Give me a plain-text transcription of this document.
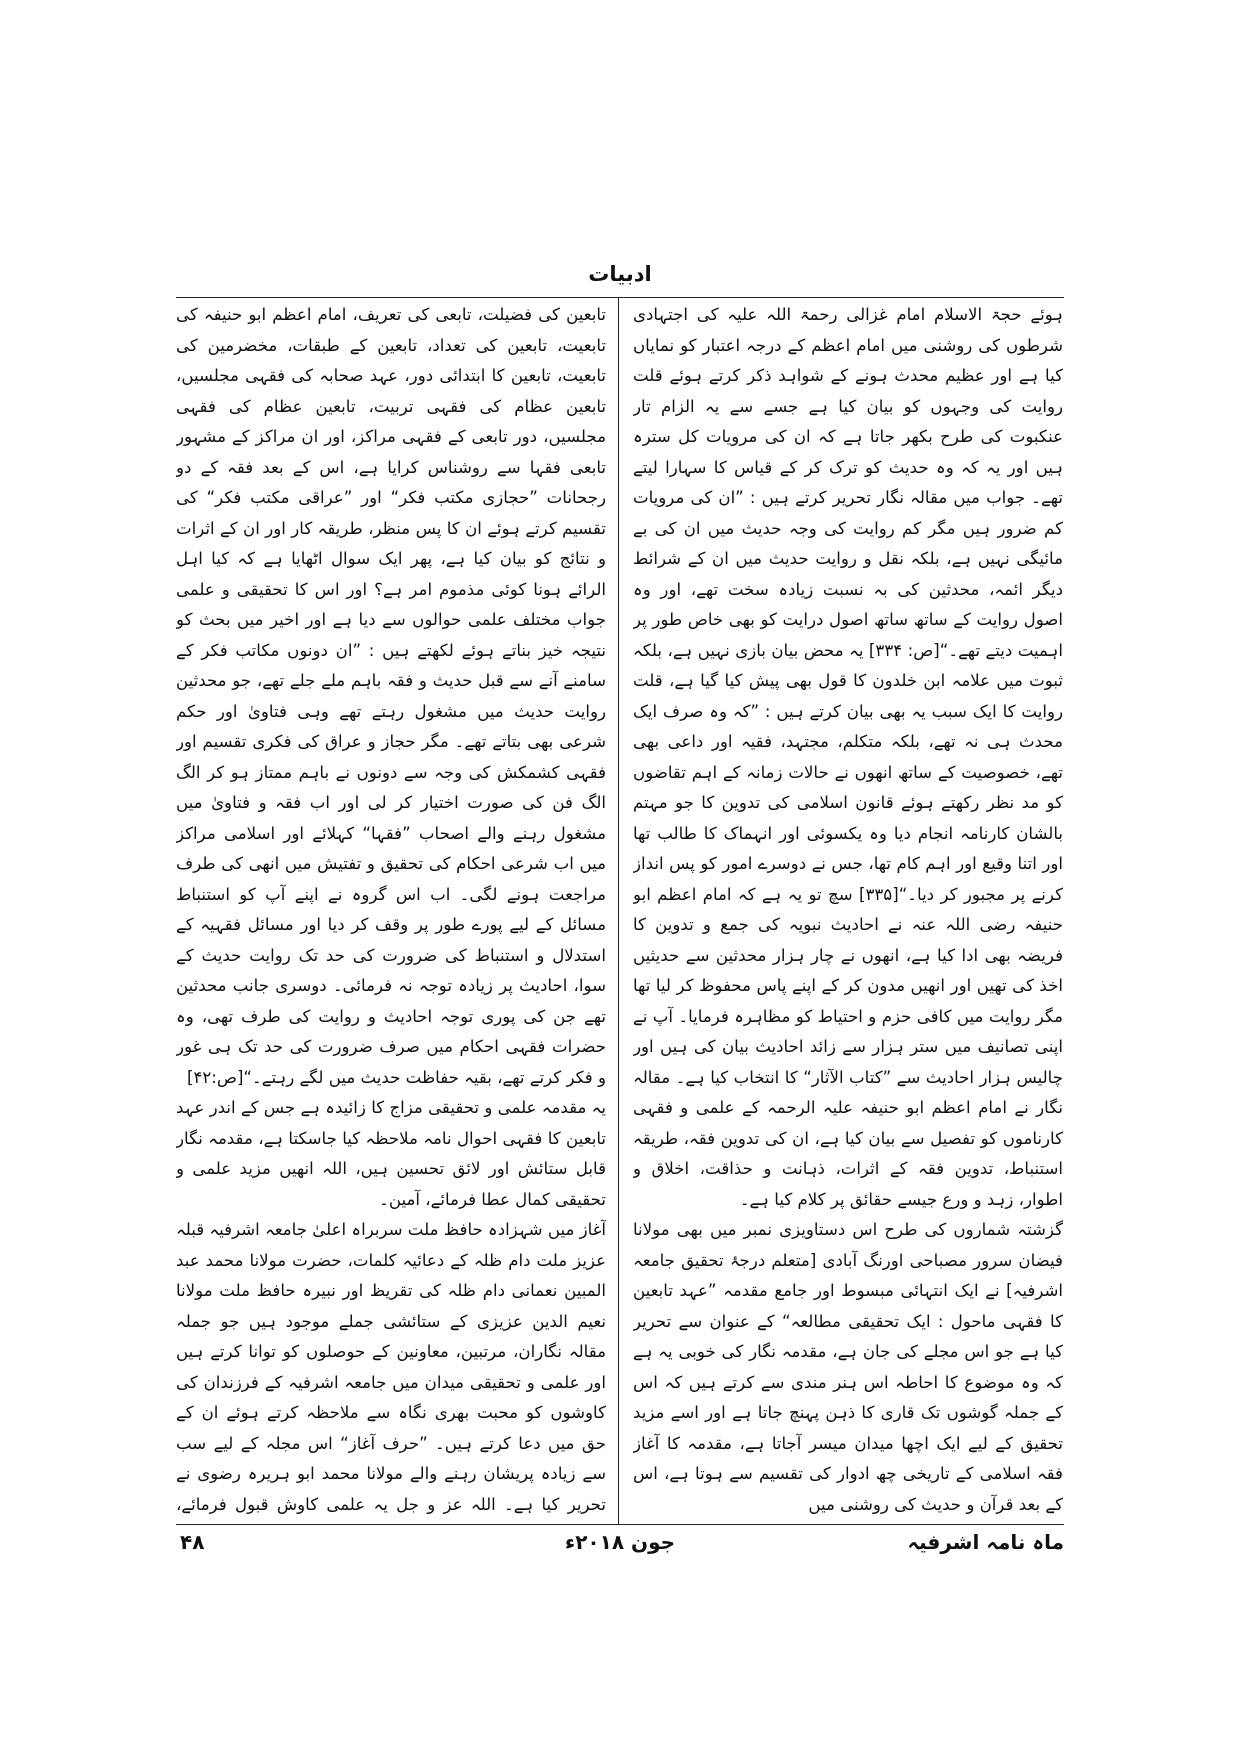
ادبیات

ہوئے حجۃ الاسلام امام غزالی رحمۃ اللہ علیہ کی اجتہادی شرطوں کی روشنی میں امام اعظم کے درجہ اعتبار کو نمایاں کیا ہے اور عظیم محدث ہونے کے شواہد ذکر کرتے ہوئے قلت روایت کی وجہوں کو بیان کیا ہے جسے سے یہ الزام تار عنکبوت کی طرح بکھر جاتا ہے کہ ان کی مرویات کل سترہ ہیں اور یہ کہ وہ حدیث کو ترک کر کے قیاس کا سہارا لیتے تھے۔ جواب میں مقالہ نگار تحریر کرتے ہیں : ”ان کی مرویات کم ضرور ہیں مگر کم روایت کی وجہ حدیث میں ان کی بے مائیگی نہیں ہے، بلکہ نقل و روایت حدیث میں ان کے شرائط دیگر ائمہ، محدثین کی بہ نسبت زیادہ سخت تھے، اور وہ اصول روایت کے ساتھ ساتھ اصول درایت کو بھی خاص طور پر اہمیت دیتے تھے۔“[ص: ۳۳۴] یہ محض بیان بازی نہیں ہے، بلکہ ثبوت میں علامہ ابن خلدون کا قول بھی پیش کیا گیا ہے، قلت روایت کا ایک سبب یہ بھی بیان کرتے ہیں : ”کہ وہ صرف ایک محدث ہی نہ تھے، بلکہ متکلم، مجتہد، فقیہ اور داعی بھی تھے، خصوصیت کے ساتھ انھوں نے حالات زمانہ کے اہم تقاضوں کو مد نظر رکھتے ہوئے قانون اسلامی کی تدوین کا جو مہتم بالشان کارنامہ انجام دیا وہ یکسوئی اور انہماک کا طالب تھا اور اتنا وقیع اور اہم کام تھا، جس نے دوسرے امور کو پس انداز کرنے پر مجبور کر دیا۔“[۳۳۵] سچ تو یہ ہے کہ امام اعظم ابو حنیفہ رضی اللہ عنہ نے احادیث نبویہ کی جمع و تدوین کا فریضہ بھی ادا کیا ہے، انھوں نے چار ہزار محدثین سے حدیثیں اخذ کی تھیں اور انھیں مدون کر کے اپنے پاس محفوظ کر لیا تھا مگر روایت میں کافی حزم و احتیاط کو مظاہرہ فرمایا۔ آپ نے اپنی تصانیف میں ستر ہزار سے زائد احادیث بیان کی ہیں اور چالیس ہزار احادیث سے ”کتاب الآثار“ کا انتخاب کیا ہے۔ مقالہ نگار نے امام اعظم ابو حنیفہ علیہ الرحمہ کے علمی و فقہی کارناموں کو تفصیل سے بیان کیا ہے، ان کی تدوین فقہ، طریقہ استنباط، تدوین فقہ کے اثرات، ذہانت و حذاقت، اخلاق و اطوار، زہد و ورع جیسے حقائق پر کلام کیا ہے۔

گزشتہ شماروں کی طرح اس دستاویزی نمبر میں بھی مولانا فیضان سرور مصباحی اورنگ آبادی [متعلم درجۂ تحقیق جامعہ اشرفیہ] نے ایک انتہائی مبسوط اور جامع مقدمہ ”عہد تابعین کا فقہی ماحول : ایک تحقیقی مطالعہ“ کے عنوان سے تحریر کیا ہے جو اس مجلے کی جان ہے، مقدمہ نگار کی خوبی یہ ہے کہ وہ موضوع کا احاطہ اس ہنر مندی سے کرتے ہیں کہ اس کے جملہ گوشوں تک قاری کا ذہن پہنچ جاتا ہے اور اسے مزید تحقیق کے لیے ایک اچھا میدان میسر آجاتا ہے، مقدمہ کا آغاز فقہ اسلامی کے تاریخی چھ ادوار کی تقسیم سے ہوتا ہے، اس کے بعد قرآن و حدیث کی روشنی میں

تابعین کی فضیلت، تابعی کی تعریف، امام اعظم ابو حنیفہ کی تابعیت، تابعین کی تعداد، تابعین کے طبقات، مخضرمین کی تابعیت، تابعین کا ابتدائی دور، عہد صحابہ کی فقہی مجلسیں، تابعین عظام کی فقہی تربیت، تابعین عظام کی فقہی مجلسیں، دور تابعی کے فقہی مراکز، اور ان مراکز کے مشہور تابعی فقہا سے روشناس کرایا ہے، اس کے بعد فقہ کے دو رجحانات ”حجازی مکتب فکر“ اور ”عراقی مکتب فکر“ کی تقسیم کرتے ہوئے ان کا پس منظر، طریقہ کار اور ان کے اثرات و نتائج کو بیان کیا ہے، پھر ایک سوال اٹھایا ہے کہ کیا اہل الرائے ہونا کوئی مذموم امر ہے؟ اور اس کا تحقیقی و علمی جواب مختلف علمی حوالوں سے دیا ہے اور اخیر میں بحث کو نتیجہ خیز بناتے ہوئے لکھتے ہیں : ”ان دونوں مکاتب فکر کے سامنے آنے سے قبل حدیث و فقہ باہم ملے جلے تھے، جو محدثین روایت حدیث میں مشغول رہتے تھے وہی فتاویٰ اور حکم شرعی بھی بتاتے تھے۔ مگر حجاز و عراق کی فکری تقسیم اور فقہی کشمکش کی وجہ سے دونوں نے باہم ممتاز ہو کر الگ الگ فن کی صورت اختیار کر لی اور اب فقہ و فتاویٰ میں مشغول رہنے والے اصحاب ”فقہا“ کہلائے اور اسلامی مراکز میں اب شرعی احکام کی تحقیق و تفتیش میں انھی کی طرف مراجعت ہونے لگی۔ اب اس گروہ نے اپنے آپ کو استنباط مسائل کے لیے پورے طور پر وقف کر دیا اور مسائل فقہیہ کے استدلال و استنباط کی ضرورت کی حد تک روایت حدیث کے سوا، احادیث پر زیادہ توجہ نہ فرمائی۔ دوسری جانب محدثین تھے جن کی پوری توجہ احادیث و روایت کی طرف تھی، وہ حضرات فقہی احکام میں صرف ضرورت کی حد تک ہی غور و فکر کرتے تھے، بقیہ حفاظت حدیث میں لگے رہتے۔“[ص:۴۲]

یہ مقدمہ علمی و تحقیقی مزاج کا زائیدہ ہے جس کے اندر عہد تابعین کا فقہی احوال نامہ ملاحظہ کیا جاسکتا ہے، مقدمہ نگار قابل ستائش اور لائق تحسین ہیں، اللہ انھیں مزید علمی و تحقیقی کمال عطا فرمائے، آمین۔

آغاز میں شہزادہ حافظ ملت سربراہ اعلیٰ جامعہ اشرفیہ قبلہ عزیز ملت دام ظلہ کے دعائیہ کلمات، حضرت مولانا محمد عبد المبین نعمانی دام ظلہ کی تقریظ اور نبیرہ حافظ ملت مولانا نعیم الدین عزیزی کے ستائشی جملے موجود ہیں جو جملہ مقالہ نگاران، مرتبین، معاونین کے حوصلوں کو توانا کرتے ہیں اور علمی و تحقیقی میدان میں جامعہ اشرفیہ کے فرزندان کی کاوشوں کو محبت بھری نگاہ سے ملاحظہ کرتے ہوئے ان کے حق میں دعا کرتے ہیں۔ ”حرف آغاز“ اس مجلہ کے لیے سب سے زیادہ پریشان رہنے والے مولانا محمد ابو ہریرہ رضوی نے تحریر کیا ہے۔ اللہ عز و جل یہ علمی کاوش قبول فرمائے،

ماہ نامہ اشرفیہ
جون ۲۰۱۸ء
۴۸
